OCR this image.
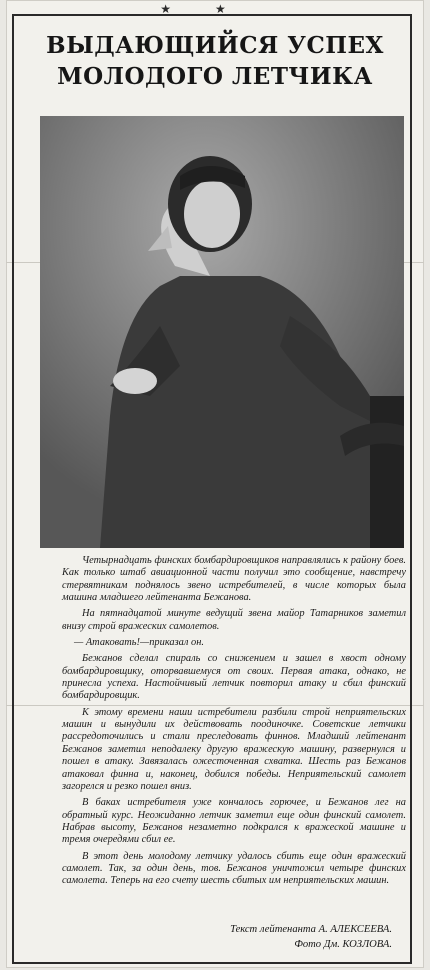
★★
ВЫДАЮЩИЙСЯ УСПЕХ
МОЛОДОГО ЛЕТЧИКА

Четырнадцать финских бомбардировщиков направлялись к району боев. Как только штаб авиационной части получил это сообщение, навстречу стервятникам поднялось звено истребителей, в числе которых была машина младшего лейтенанта Бежанова.

На пятнадцатой минуте ведущий звена майор Татарников заметил внизу строй вражеских самолетов.

— Атаковать!—приказал он.

Бежанов сделал спираль со снижением и зашел в хвост одному бомбардировщику, оторвавшемуся от своих. Первая атака, однако, не принесла успеха. Настойчивый летчик повторил атаку и сбил финский бомбардировщик.

К этому времени наши истребители разбили строй неприятельских машин и вынудили их действовать поодиночке. Советские летчики рассредоточились и стали преследовать финнов. Младший лейтенант Бежанов заметил неподалеку другую вражескую машину, развернулся и пошел в атаку. Завязалась ожесточенная схватка. Шесть раз Бежанов атаковал финна и, наконец, добился победы. Неприятельский самолет загорелся и резко пошел вниз.

В баках истребителя уже кончалось горючее, и Бежанов лег на обратный курс. Неожиданно летчик заметил еще один финский самолет. Набрав высоту, Бежанов незаметно подкрался к вражеской машине и тремя очередями сбил ее.

В этот день молодому летчику удалось сбить еще один вражеский самолет. Так, за один день, тов. Бежанов уничтожил четыре финских самолета. Теперь на его счету шесть сбитых им неприятельских машин.

Текст лейтенанта А. АЛЕКСЕЕВА.
Фото Дм. КОЗЛОВА.
